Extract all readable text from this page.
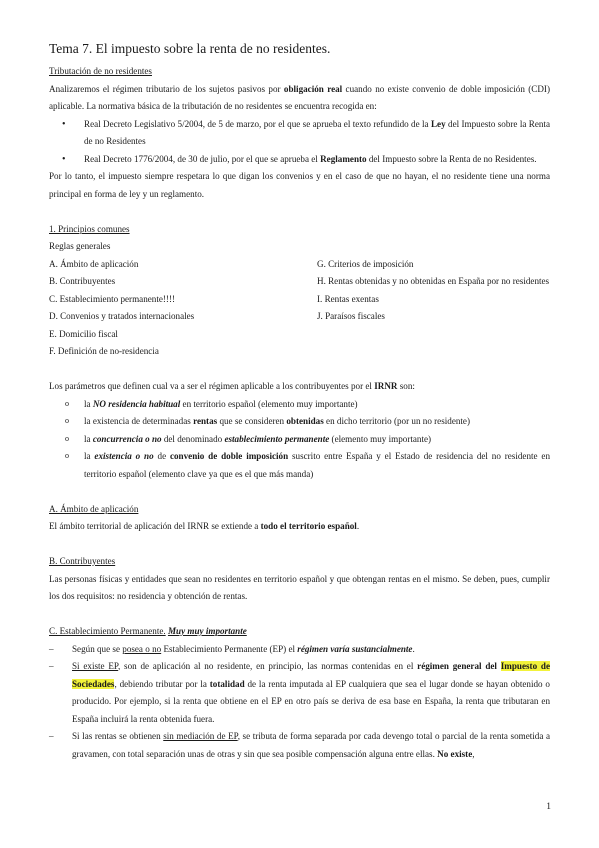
Tema 7. El impuesto sobre la renta de no residentes.
Tributación de no residentes

Analizaremos el régimen tributario de los sujetos pasivos por obligación real cuando no existe convenio de doble imposición (CDI) aplicable. La normativa básica de la tributación de no residentes se encuentra recogida en:

• Real Decreto Legislativo 5/2004, de 5 de marzo, por el que se aprueba el texto refundido de la Ley del Impuesto sobre la Renta de no Residentes
• Real Decreto 1776/2004, de 30 de julio, por el que se aprueba el Reglamento del Impuesto sobre la Renta de no Residentes.

Por lo tanto, el impuesto siempre respetara lo que digan los convenios y en el caso de que no hayan, el no residente tiene una norma principal en forma de ley y un reglamento.

1. Principios comunes
Reglas generales
A. Ámbito de aplicación
B. Contribuyentes
C. Establecimiento permanente!!!!
D. Convenios y tratados internacionales
E. Domicilio fiscal
F. Definición de no-residencia
G. Criterios de imposición
H. Rentas obtenidas y no obtenidas en España por no residentes
I. Rentas exentas
J. Paraísos fiscales

Los parámetros que definen cual va a ser el régimen aplicable a los contribuyentes por el IRNR son:

o la NO residencia habitual en territorio español (elemento muy importante)
o la existencia de determinadas rentas que se consideren obtenidas en dicho territorio (por un no residente)
o la concurrencia o no del denominado establecimiento permanente (elemento muy importante)
o la existencia o no de convenio de doble imposición suscrito entre España y el Estado de residencia del no residente en territorio español (elemento clave ya que es el que más manda)
A. Ámbito de aplicación

El ámbito territorial de aplicación del IRNR se extiende a todo el territorio español.

B. Contribuyentes

Las personas físicas y entidades que sean no residentes en territorio español y que obtengan rentas en el mismo. Se deben, pues, cumplir los dos requisitos: no residencia y obtención de rentas.

C. Establecimiento Permanente. Muy muy importante
– Según que se posea o no Establecimiento Permanente (EP) el régimen varía sustancialmente.
– Si existe EP, son de aplicación al no residente, en principio, las normas contenidas en el régimen general del Impuesto de Sociedades, debiendo tributar por la totalidad de la renta imputada al EP cualquiera que sea el lugar donde se hayan obtenido o producido. Por ejemplo, si la renta que obtiene en el EP en otro país se deriva de esa base en España, la renta que tributaran en España incluirá la renta obtenida fuera.
– Si las rentas se obtienen sin mediación de EP, se tributa de forma separada por cada devengo total o parcial de la renta sometida a gravamen, con total separación unas de otras y sin que sea posible compensación alguna entre ellas. No existe,
1
